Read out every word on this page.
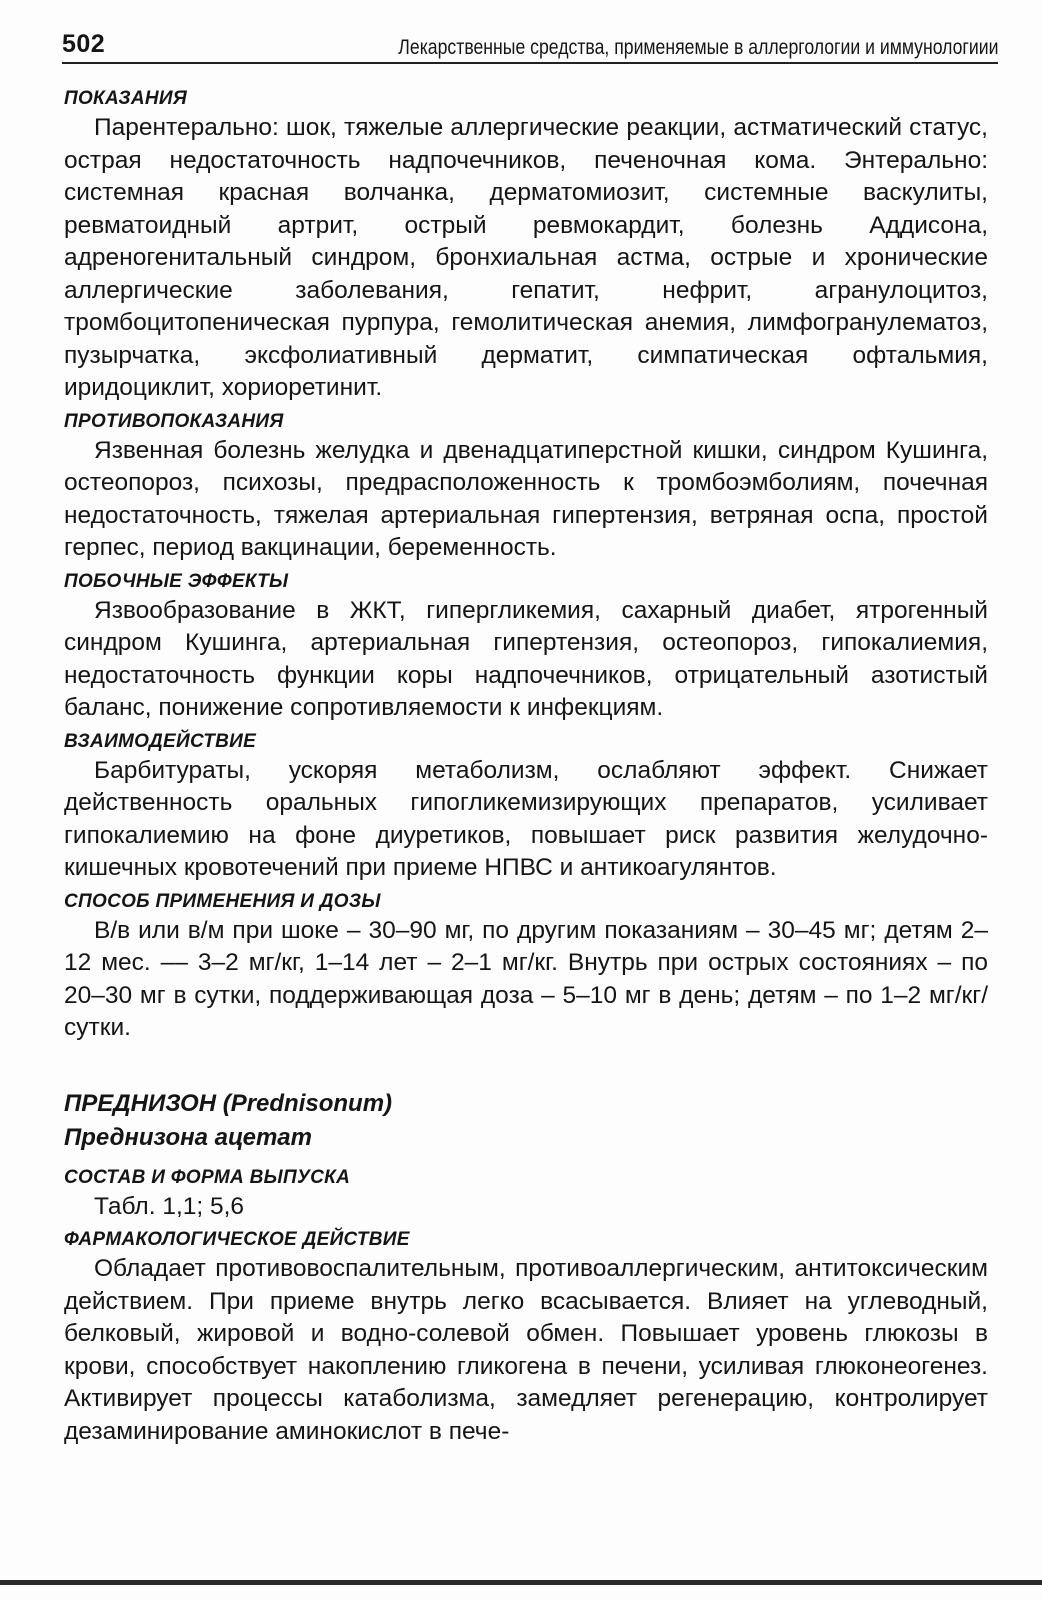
502	Лекарственные средства, применяемые в аллергологии и иммунологиии
ПОКАЗАНИЯ
Парентерально: шок, тяжелые аллергические реакции, астматический статус, острая недостаточность надпочечников, печеночная кома. Энтерально: системная красная волчанка, дерматомиозит, системные васкулиты, ревматоидный артрит, острый ревмокардит, болезнь Аддисона, адреногенитальный синдром, бронхиальная астма, острые и хронические аллергические заболевания, гепатит, нефрит, агранулоцитоз, тромбоцитопеническая пурпура, гемолитическая анемия, лимфогранулематоз, пузырчатка, эксфолиативный дерматит, симпатическая офтальмия, иридоциклит, хориоретинит.
ПРОТИВОПОКАЗАНИЯ
Язвенная болезнь желудка и двенадцатиперстной кишки, синдром Кушинга, остеопороз, психозы, предрасположенность к тромбоэмболиям, почечная недостаточность, тяжелая артериальная гипертензия, ветряная оспа, простой герпес, период вакцинации, беременность.
ПОБОЧНЫЕ ЭФФЕКТЫ
Язвообразование в ЖКТ, гипергликемия, сахарный диабет, ятрогенный синдром Кушинга, артериальная гипертензия, остеопороз, гипокалиемия, недостаточность функции коры надпочечников, отрицательный азотистый баланс, понижение сопротивляемости к инфекциям.
ВЗАИМОДЕЙСТВИЕ
Барбитураты, ускоряя метаболизм, ослабляют эффект. Снижает действенность оральных гипогликемизирующих препаратов, усиливает гипокалиемию на фоне диуретиков, повышает риск развития желудочно-кишечных кровотечений при приеме НПВС и антикоагулянтов.
СПОСОБ ПРИМЕНЕНИЯ И ДОЗЫ
В/в или в/м при шоке – 30–90 мг, по другим показаниям – 30–45 мг; детям 2–12 мес. –– 3–2 мг/кг, 1–14 лет – 2–1 мг/кг. Внутрь при острых состояниях – по 20–30 мг в сутки, поддерживающая доза – 5–10 мг в день; детям – по 1–2 мг/кг/сутки.
ПРЕДНИЗОН (Prednisonum)
Преднизона ацетат
СОСТАВ И ФОРМА ВЫПУСКА
Табл. 1,1; 5,6
ФАРМАКОЛОГИЧЕСКОЕ ДЕЙСТВИЕ
Обладает противовоспалительным, противоаллергическим, антитоксическим действием. При приеме внутрь легко всасывается. Влияет на углеводный, белковый, жировой и водно-солевой обмен. Повышает уровень глюкозы в крови, способствует накоплению гликогена в печени, усиливая глюконеогенез. Активирует процессы катаболизма, замедляет регенерацию, контролирует дезаминирование аминокислот в пече-
